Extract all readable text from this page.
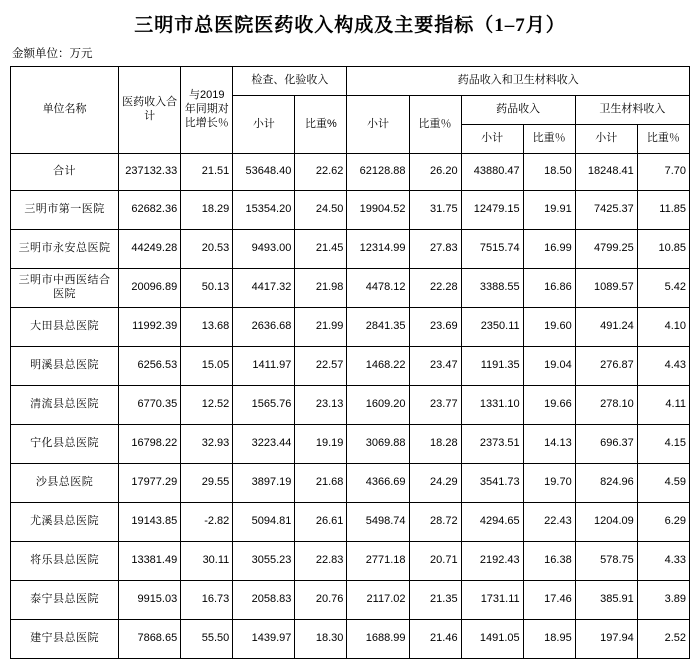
三明市总医院医药收入构成及主要指标（1–7月）
金额单位：万元
单位名称	医药收入合计	与2019年同期对比增长％	检查、化验收入		药品收入和卫生材料收入					
			小计	比重%	小计	比重％	药品收入		卫生材料收入	
							小计	比重％	小计	比重％
合计	237132.33	21.51	53648.40	22.62	62128.88	26.20	43880.47	18.50	18248.41	7.70
三明市第一医院	62682.36	18.29	15354.20	24.50	19904.52	31.75	12479.15	19.91	7425.37	11.85
三明市永安总医院	44249.28	20.53	9493.00	21.45	12314.99	27.83	7515.74	16.99	4799.25	10.85
三明市中西医结合医院	20096.89	50.13	4417.32	21.98	4478.12	22.28	3388.55	16.86	1089.57	5.42
大田县总医院	11992.39	13.68	2636.68	21.99	2841.35	23.69	2350.11	19.60	491.24	4.10
明溪县总医院	6256.53	15.05	1411.97	22.57	1468.22	23.47	1191.35	19.04	276.87	4.43
清流县总医院	6770.35	12.52	1565.76	23.13	1609.20	23.77	1331.10	19.66	278.10	4.11
宁化县总医院	16798.22	32.93	3223.44	19.19	3069.88	18.28	2373.51	14.13	696.37	4.15
沙县总医院	17977.29	29.55	3897.19	21.68	4366.69	24.29	3541.73	19.70	824.96	4.59
尤溪县总医院	19143.85	-2.82	5094.81	26.61	5498.74	28.72	4294.65	22.43	1204.09	6.29
将乐县总医院	13381.49	30.11	3055.23	22.83	2771.18	20.71	2192.43	16.38	578.75	4.33
泰宁县总医院	9915.03	16.73	2058.83	20.76	2117.02	21.35	1731.11	17.46	385.91	3.89
建宁县总医院	7868.65	55.50	1439.97	18.30	1688.99	21.46	1491.05	18.95	197.94	2.52
